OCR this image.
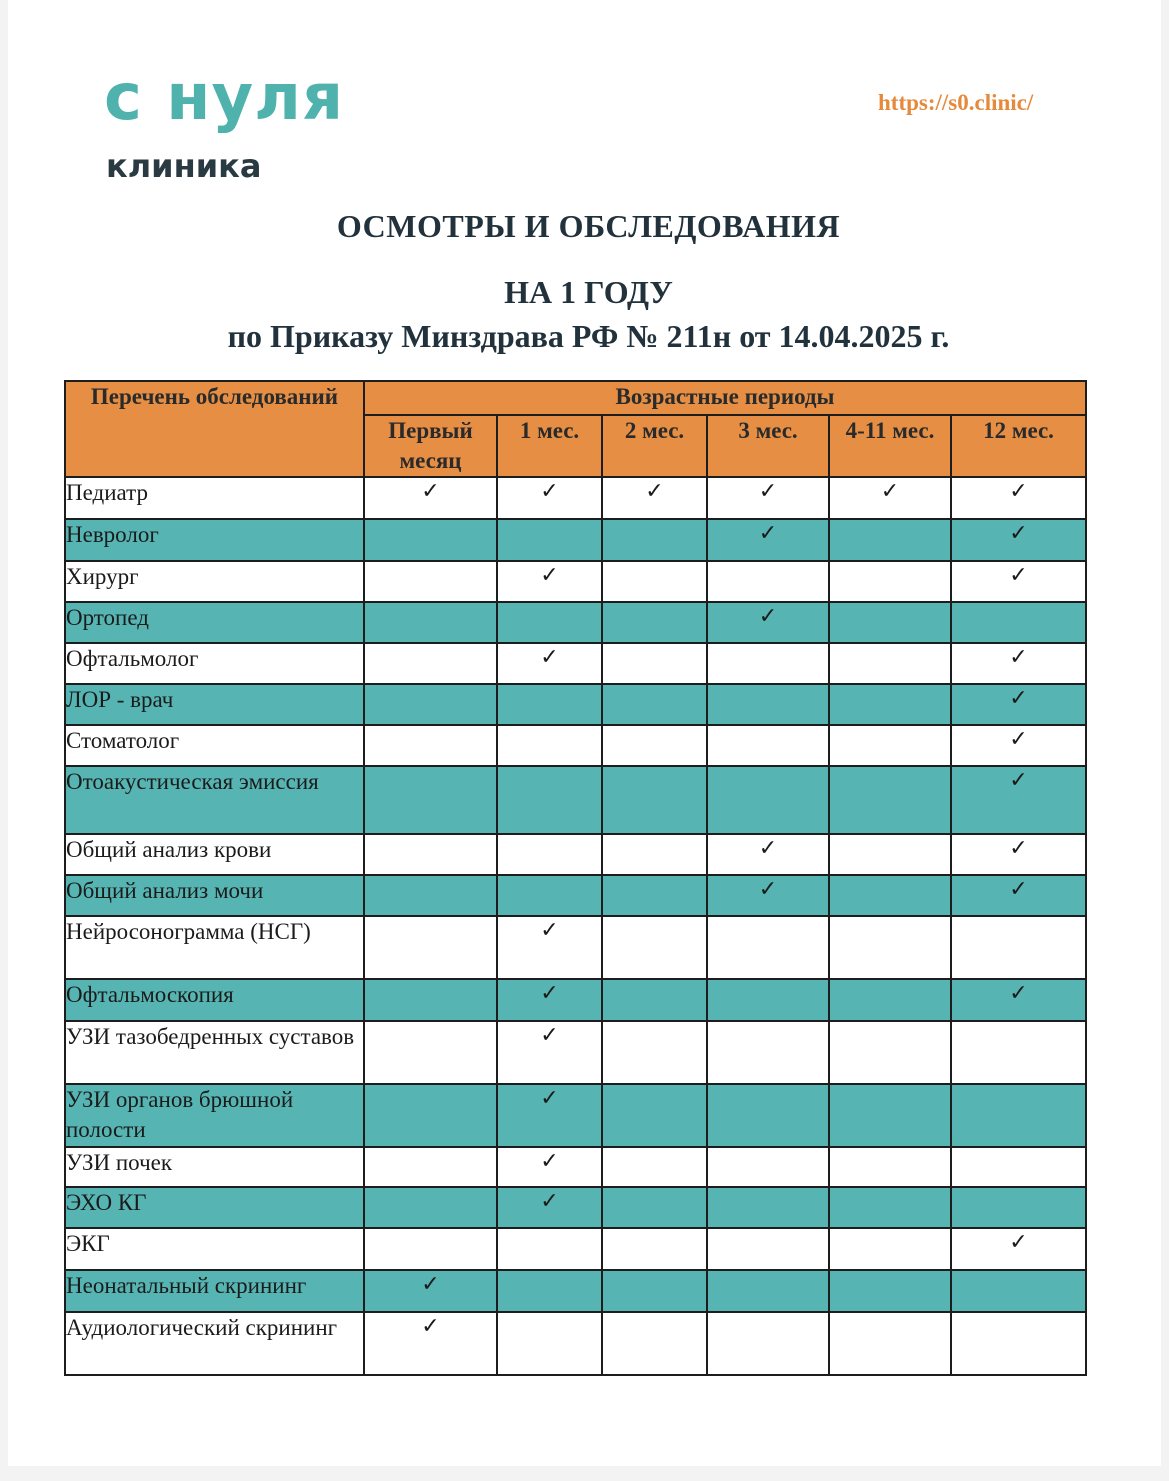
с нуля
клиника
https://s0.clinic/
ОСМОТРЫ И ОБСЛЕДОВАНИЯ
НА 1 ГОДУ
по Приказу Минздрава РФ № 211н от 14.04.2025 г.
Перечень обследований	Возрастные периоды					
	Первый месяц	1 мес.	2 мес.	3 мес.	4-11 мес.	12 мес.
Педиатр	✓	✓	✓	✓	✓	✓
Невролог				✓		✓
Хирург		✓				✓
Ортопед				✓		
Офтальмолог		✓				✓
ЛОР - врач						✓
Стоматолог						✓
Отоакустическая эмиссия						✓
Общий анализ крови				✓		✓
Общий анализ мочи				✓		✓
Нейросонограмма (НСГ)		✓				
Офтальмоскопия		✓				✓
УЗИ тазобедренных суставов		✓				
УЗИ органов брюшной полости		✓				
УЗИ почек		✓				
ЭХО КГ		✓				
ЭКГ						✓
Неонатальный скрининг	✓					
Аудиологический скрининг	✓					
